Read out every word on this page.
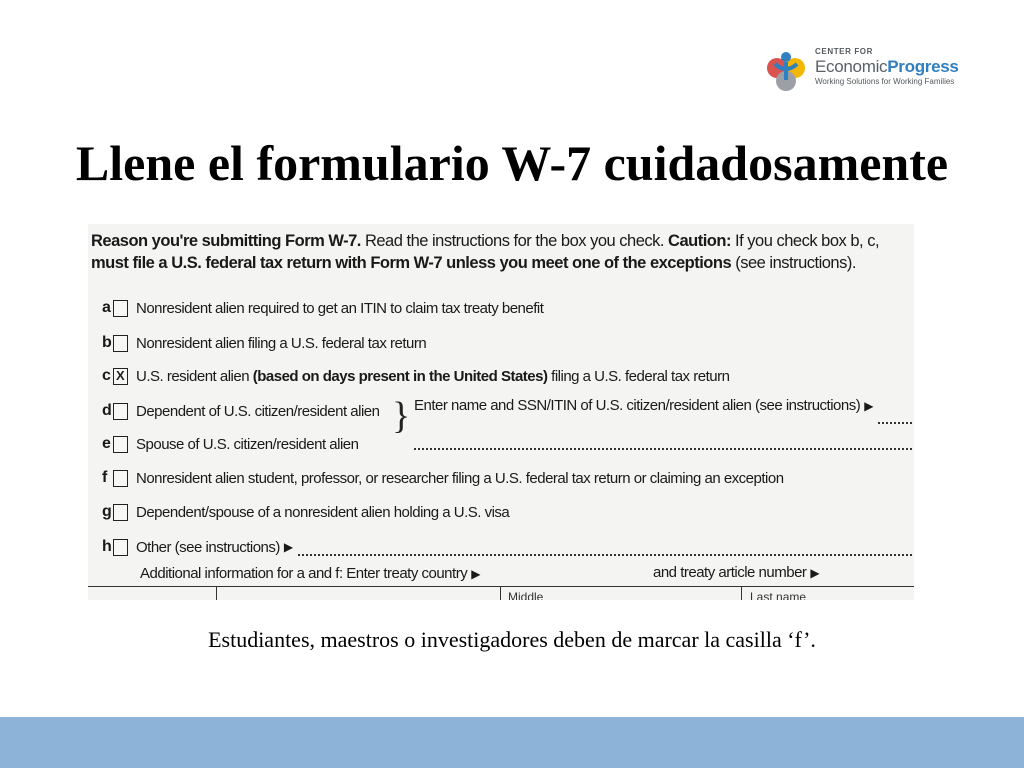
CENTER FOR
EconomicProgress
Working Solutions for Working Families
Llene el formulario W-7 cuidadosamente
Reason you're submitting Form W-7. Read the instructions for the box you check. Caution: If you check box b, c,
must file a U.S. federal tax return with Form W-7 unless you meet one of the exceptions (see instructions).
a Nonresident alien required to get an ITIN to claim tax treaty benefit
b Nonresident alien filing a U.S. federal tax return
c
X U.S. resident alien (based on days present in the United States) filing a U.S. federal tax return
d Dependent of U.S. citizen/resident alien
e Spouse of U.S. citizen/resident alien
f	Nonresident alien student, professor, or researcher filing a U.S. federal tax return or claiming an exception
g Dependent/spouse of a nonresident alien holding a U.S. visa
h Other (see instructions) ▶
} Enter name and SSN/ITIN of U.S. citizen/resident alien (see instructions) ▶
Additional information for a and f: Enter treaty country ▶	and treaty article number ▶
Middle	Last name
Estudiantes, maestros o investigadores deben de marcar la casilla ‘f’.
